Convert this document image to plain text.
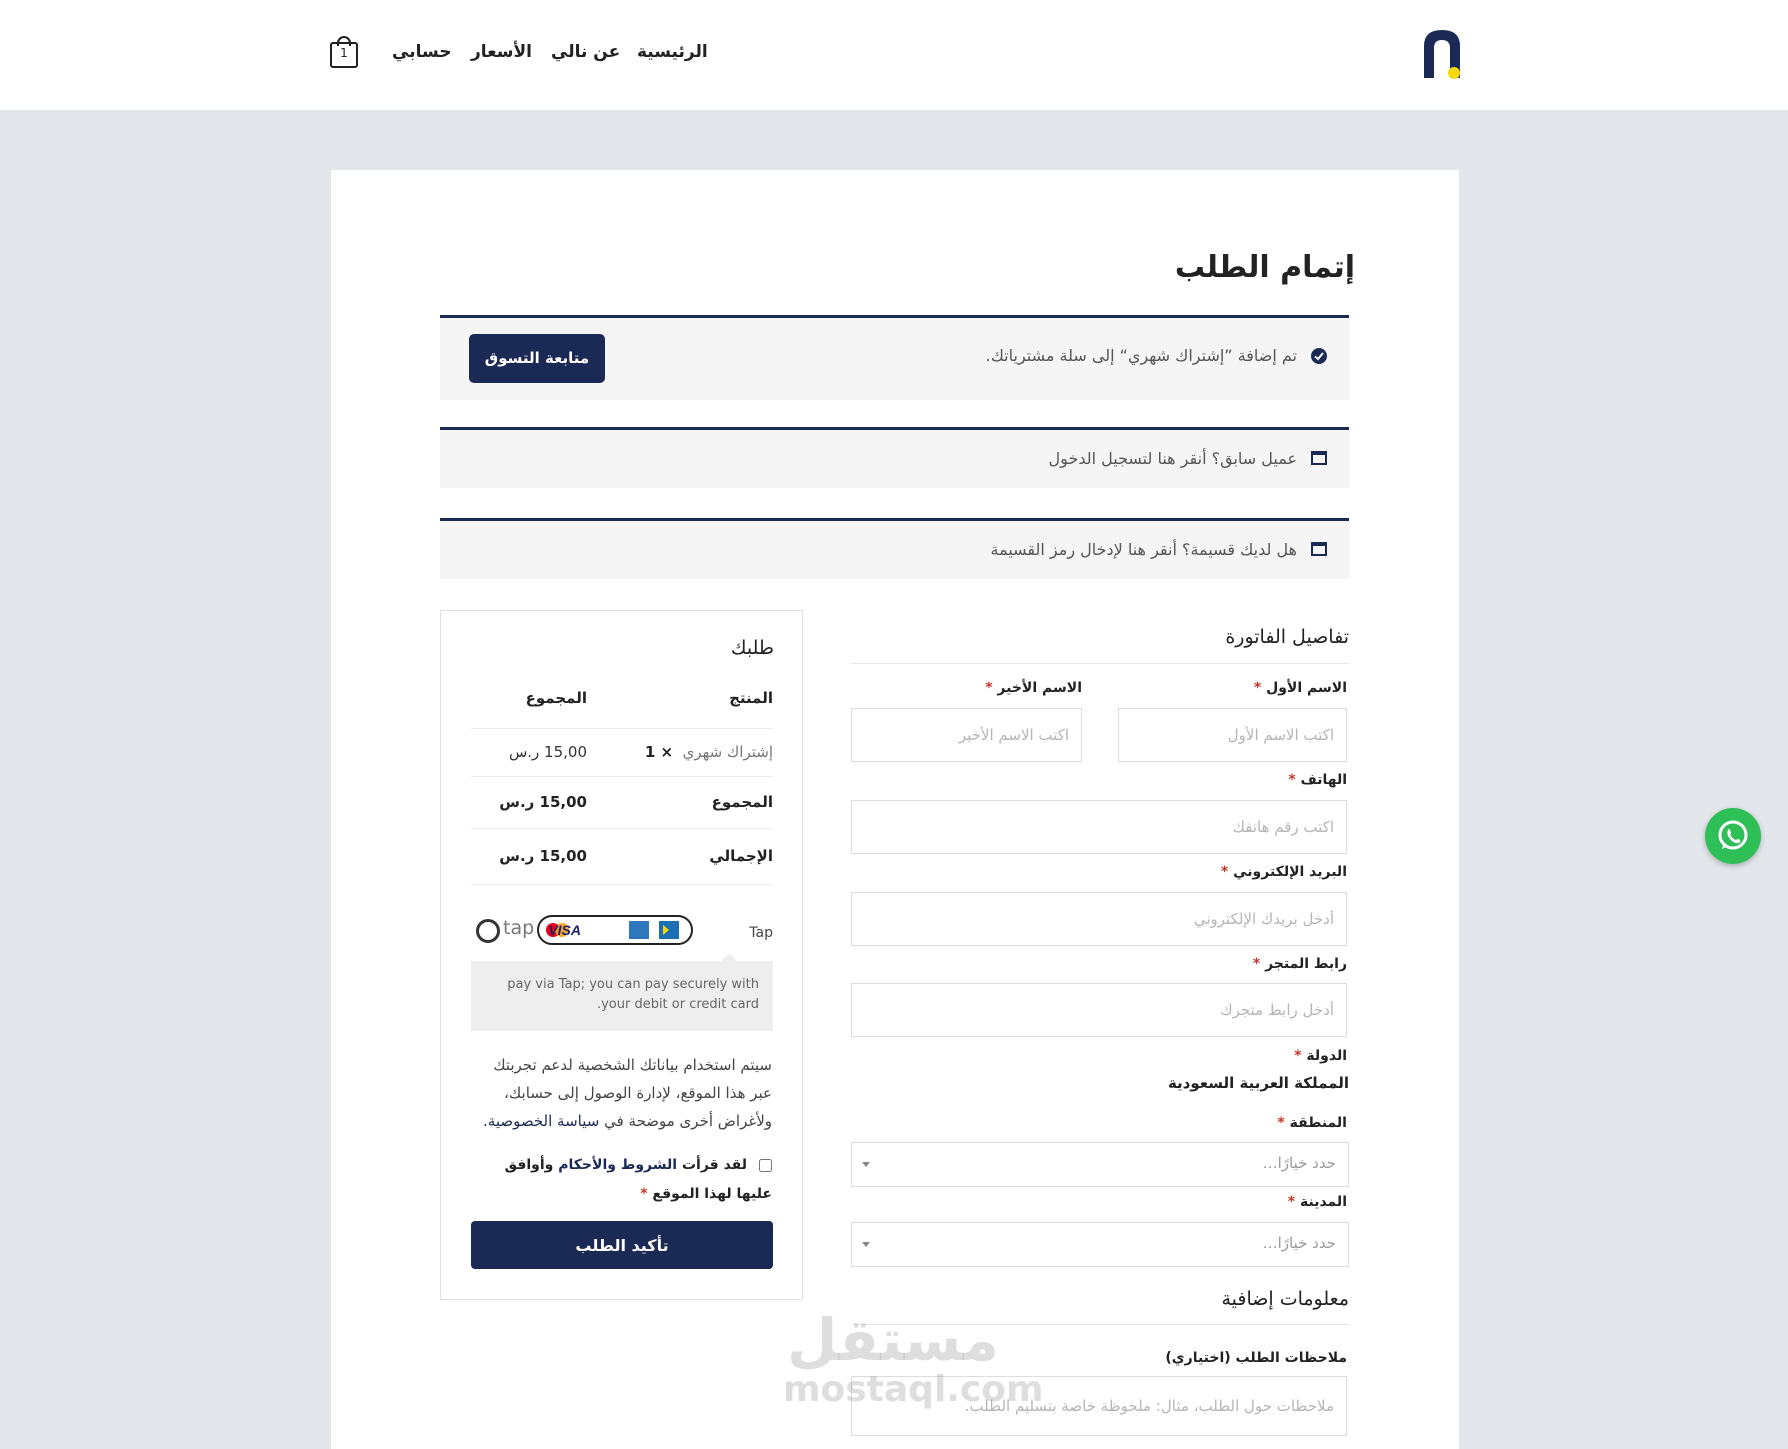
الرئيسية
عن نالي
الأسعار
حسابي
1
إتمام الطلب
تم إضافة ”إشتراك شهري“ إلى سلة مشترياتك.
متابعة التسوق
عميل سابق؟ أنقر هنا لتسجيل الدخول
هل لديك قسيمة؟ أنقر هنا لإدخال رمز القسيمة
طلبك
المنتج
المجموع
إشتراك شهري  × 1
15,00 ر.س
المجموع
15,00 ر.س
الإجمالي
15,00 ر.س
Tap
VISA
tap
pay via Tap; you can pay securely with your debit or credit card.
سيتم استخدام بياناتك الشخصية لدعم تجربتك عبر هذا الموقع، لإدارة الوصول إلى حسابك، ولأغراض أخرى موضحة في سياسة الخصوصية.
لقد قرأت الشروط والأحكام وأوافق عليها لهذا الموقع *
تأكيد الطلب
تفاصيل الفاتورة
الاسم الأول *
اكتب الاسم الأول
الاسم الأخير *
اكتب الاسم الأخير
الهاتف *
اكتب رقم هاتفك
البريد الإلكتروني *
أدخل بريدك الإلكتروني
رابط المتجر *
أدخل رابط متجرك
الدولة *
المملكة العربية السعودية
المنطقة *
حدد خيارًا…
المدينة *
حدد خيارًا…
معلومات إضافية
ملاحظات الطلب (اختياري)
ملاحظات حول الطلب، مثال: ملحوظة خاصة بتسليم الطلب.
مستقل
mostaql.com
